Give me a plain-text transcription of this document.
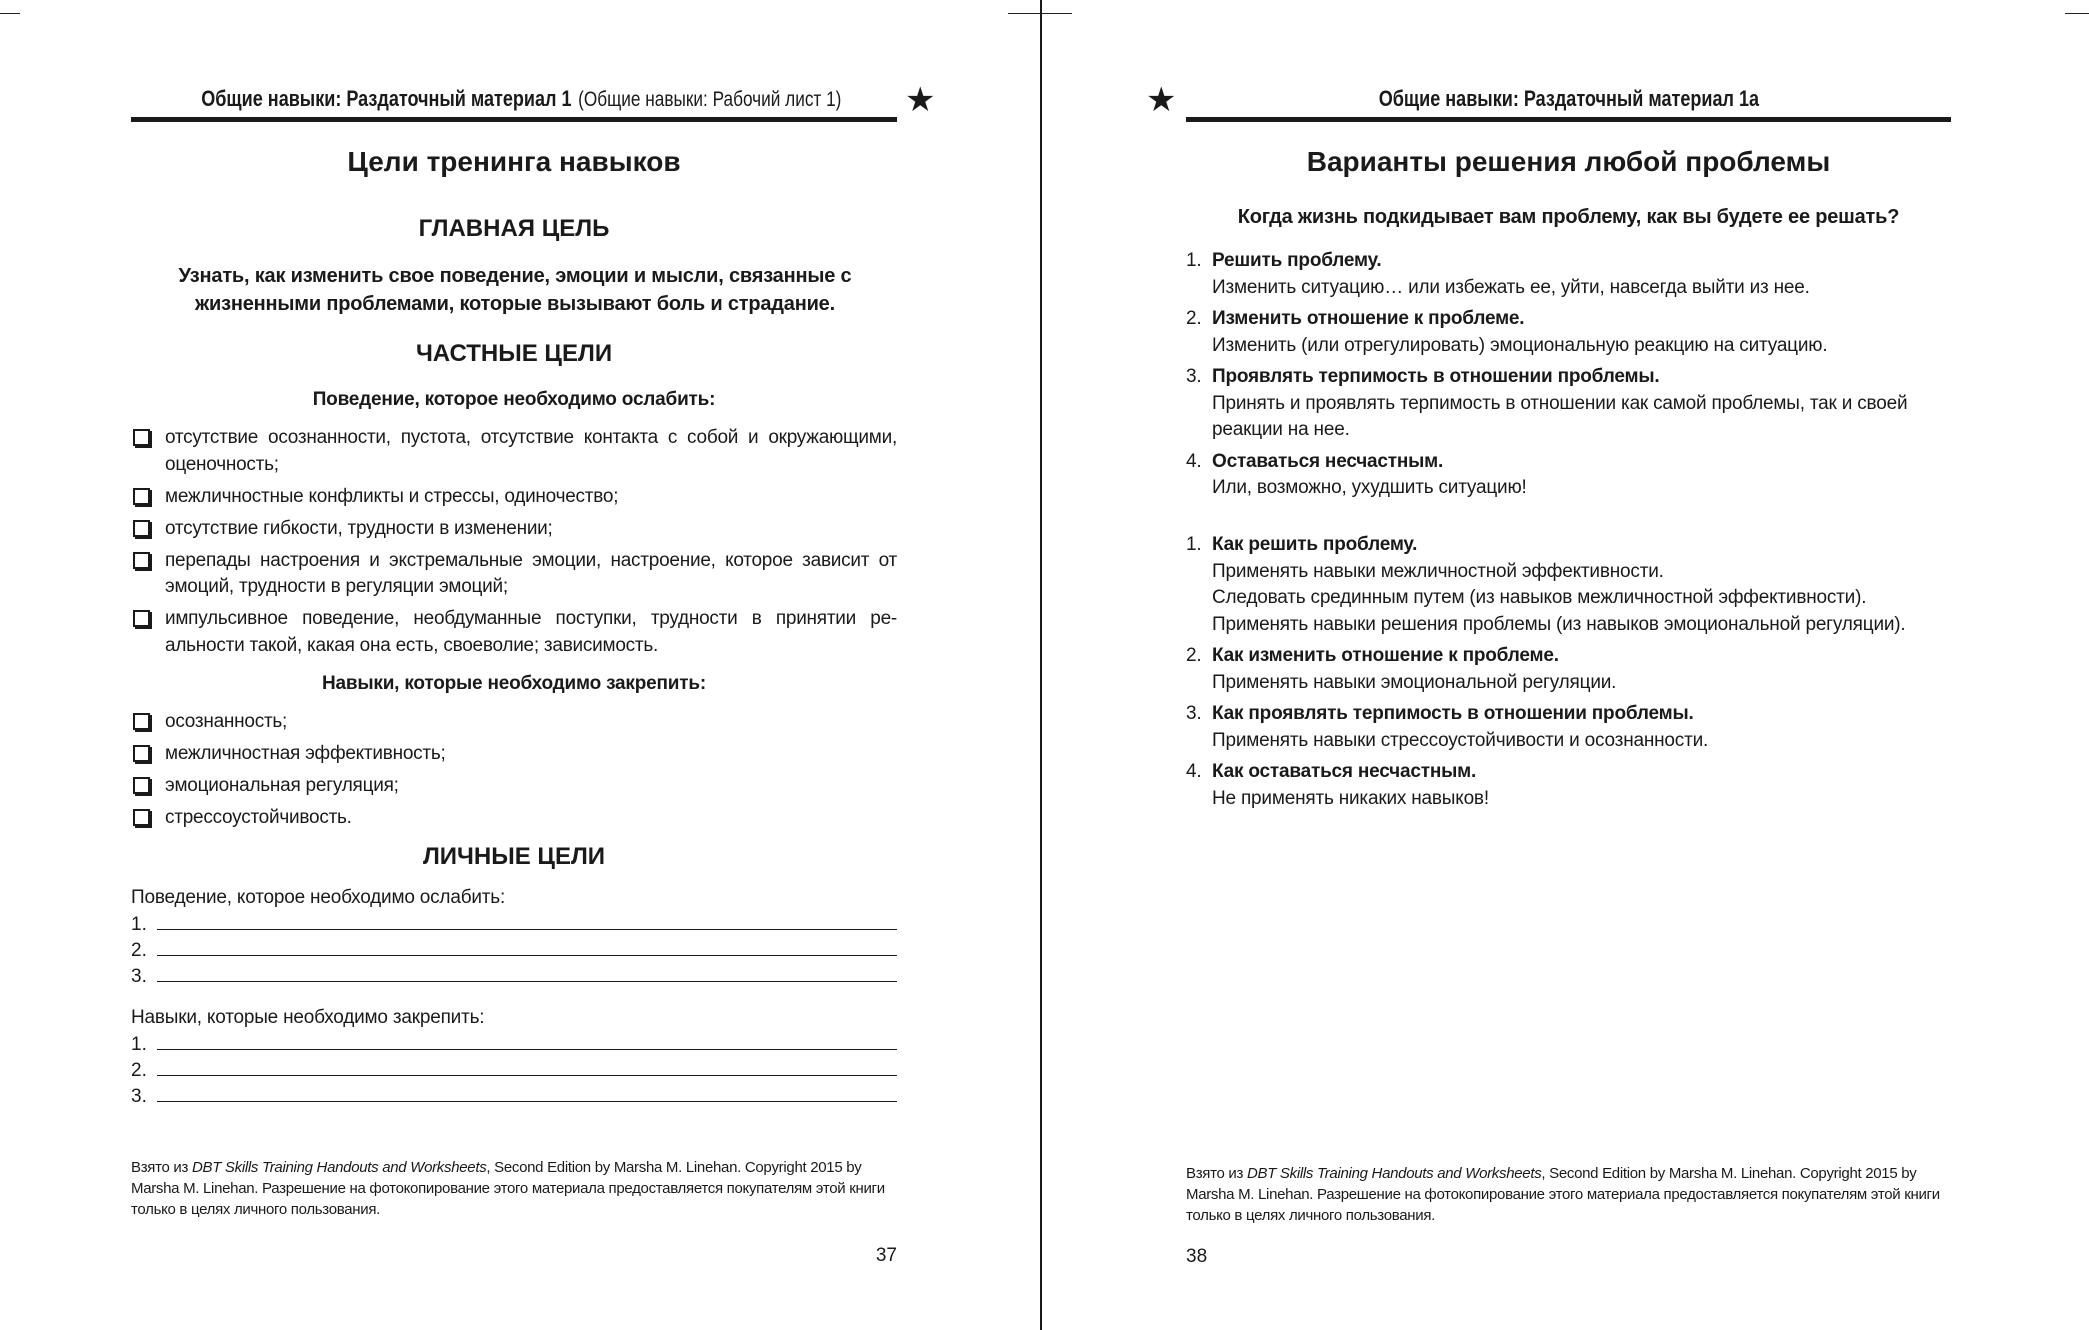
Общие навыки: Раздаточный материал 1 (Общие навыки: Рабочий лист 1)	★
Цели тренинга навыков
ГЛАВНАЯ ЦЕЛЬ
Узнать, как изменить свое поведение, эмоции и мысли, связанные с жизненными проблемами, которые вызывают боль и страдание.
ЧАСТНЫЕ ЦЕЛИ
Поведение, которое необходимо ослабить:
отсутствие осознанности, пустота, отсутствие контакта с собой и окружающими, оценочность;
межличностные конфликты и стрессы, одиночество;
отсутствие гибкости, трудности в изменении;
перепады настроения и экстремальные эмоции, настроение, которое зависит от эмоций, трудности в регуляции эмоций;
импульсивное поведение, необдуманные поступки, трудности в принятии ре-альности такой, какая она есть, своеволие; зависимость.
Навыки, которые необходимо закрепить:
осознанность;
межличностная эффективность;
эмоциональная регуляция;
стрессоустойчивость.
ЛИЧНЫЕ ЦЕЛИ
Поведение, которое необходимо ослабить:
1.
2.
3.
Навыки, которые необходимо закрепить:
1.
2.
3.
Взято из DBT Skills Training Handouts and Worksheets, Second Edition by Marsha M. Linehan. Copyright 2015 by Marsha M. Linehan. Разрешение на фотокопирование этого материала предоставляется покупателям этой книги только в целях личного пользования.
37
★	Общие навыки: Раздаточный материал 1а
Варианты решения любой проблемы
Когда жизнь подкидывает вам проблему, как вы будете ее решать?
1. Решить проблему.
Изменить ситуацию… или избежать ее, уйти, навсегда выйти из нее.
2. Изменить отношение к проблеме.
Изменить (или отрегулировать) эмоциональную реакцию на ситуацию.
3. Проявлять терпимость в отношении проблемы.
Принять и проявлять терпимость в отношении как самой проблемы, так и своей реакции на нее.
4. Оставаться несчастным.
Или, возможно, ухудшить ситуацию!
1. Как решить проблему.
Применять навыки межличностной эффективности.
Следовать срединным путем (из навыков межличностной эффективности).
Применять навыки решения проблемы (из навыков эмоциональной регуляции).
2. Как изменить отношение к проблеме.
Применять навыки эмоциональной регуляции.
3. Как проявлять терпимость в отношении проблемы.
Применять навыки стрессоустойчивости и осознанности.
4. Как оставаться несчастным.
Не применять никаких навыков!
Взято из DBT Skills Training Handouts and Worksheets, Second Edition by Marsha M. Linehan. Copyright 2015 by Marsha M. Linehan. Разрешение на фотокопирование этого материала предоставляется покупателям этой книги только в целях личного пользования.
38
